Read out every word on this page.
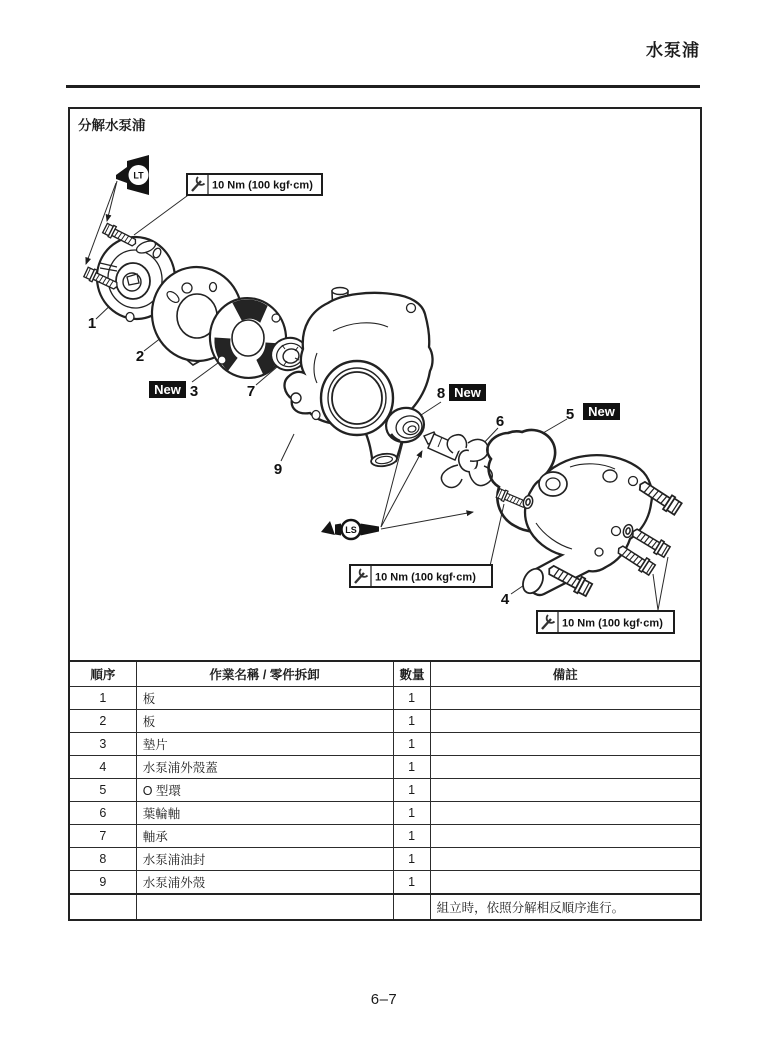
水泵浦
分解水泵浦
LT
LS
10 Nm (100 kgf·cm)
10 Nm (100 kgf·cm)
10 Nm (100 kgf·cm)
New	New
New
1
2
3
4
5
6
7	8
9
順序	作業名稱 / 零件拆卸	數量	備註
1	板	1	
2	板	1	
3	墊片	1	
4	水泵浦外殼蓋	1	
5	O 型環	1	
6	葉輪軸	1	
7	軸承	1	
8	水泵浦油封	1	
9	水泵浦外殼	1	
			組立時，依照分解相反順序進行。
6–7
